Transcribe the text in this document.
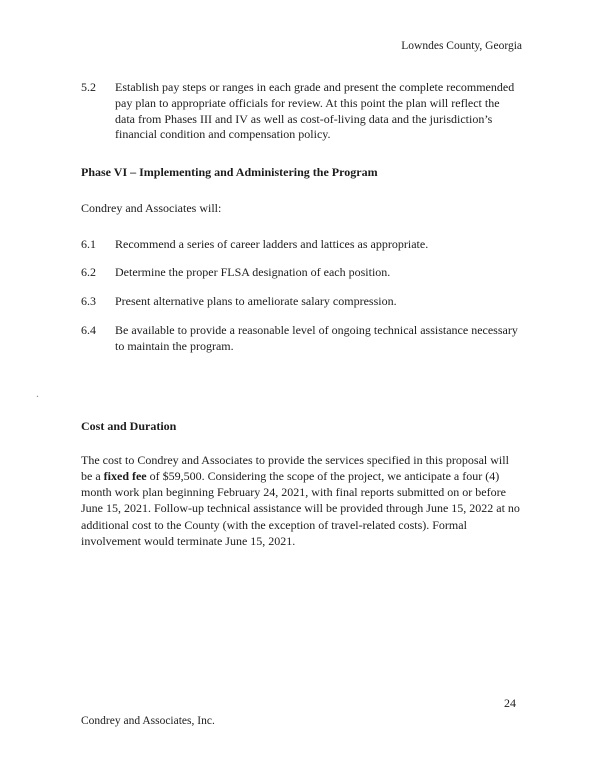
.
Lowndes County, Georgia
5.2	Establish pay steps or ranges in each grade and present the complete recommended pay plan to appropriate officials for review. At this point the plan will reflect the data from Phases III and IV as well as cost-of-living data and the jurisdiction’s financial condition and compensation policy.
Phase VI – Implementing and Administering the Program
Condrey and Associates will:
6.1	Recommend a series of career ladders and lattices as appropriate.
6.2	Determine the proper FLSA designation of each position.
6.3	Present alternative plans to ameliorate salary compression.
6.4	Be available to provide a reasonable level of ongoing technical assistance necessary to maintain the program.
Cost and Duration

The cost to Condrey and Associates to provide the services specified in this proposal will be a fixed fee of $59,500. Considering the scope of the project, we anticipate a four (4) month work plan beginning February 24, 2021, with final reports submitted on or before June 15, 2021. Follow-up technical assistance will be provided through June 15, 2022 at no additional cost to the County (with the exception of travel-related costs). Formal involvement would terminate June 15, 2021.

24
Condrey and Associates, Inc.
